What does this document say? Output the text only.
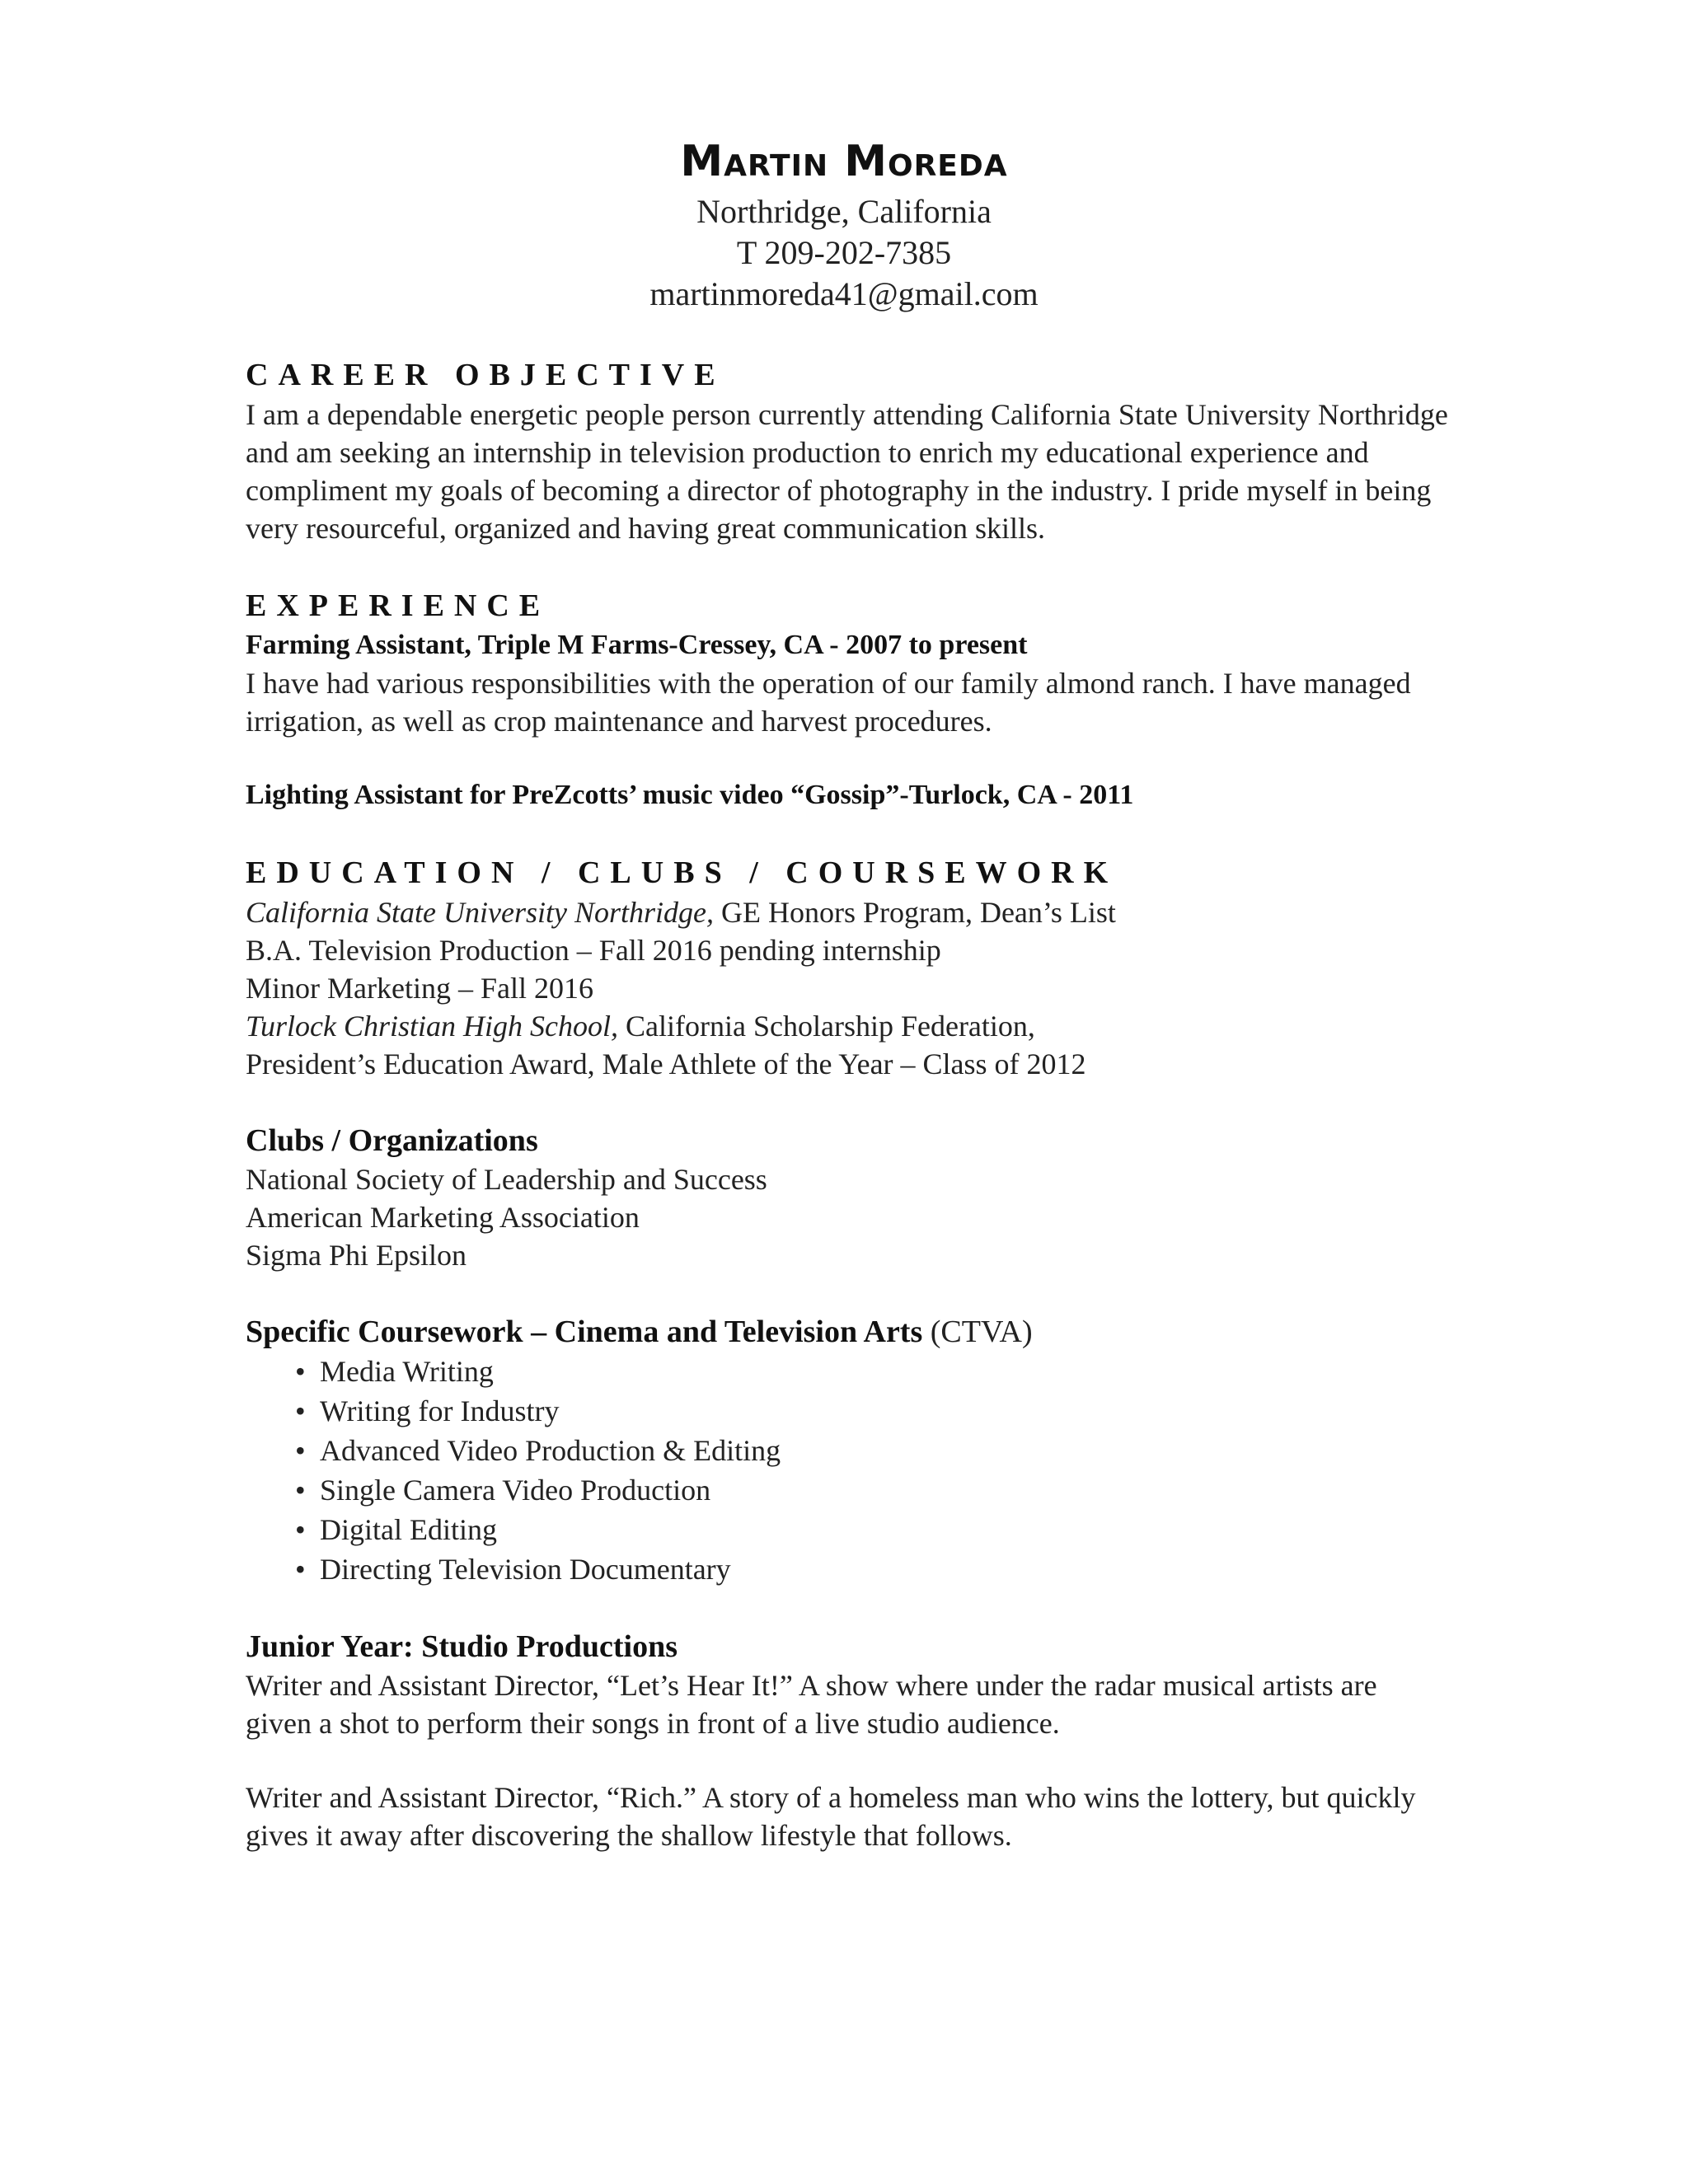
Martin Moreda
Northridge, California
T 209-202-7385
martinmoreda41@gmail.com
CAREER OBJECTIVE

I am a dependable energetic people person currently attending California State University Northridge and am seeking an internship in television production to enrich my educational experience and compliment my goals of becoming a director of photography in the industry. I pride myself in being very resourceful, organized and having great communication skills.

EXPERIENCE
Farming Assistant, Triple M Farms-Cressey, CA - 2007 to present

I have had various responsibilities with the operation of our family almond ranch. I have managed irrigation, as well as crop maintenance and harvest procedures.

Lighting Assistant for PreZcotts’ music video “Gossip”-Turlock, CA - 2011
EDUCATION / CLUBS / COURSEWORK

California State University Northridge, GE Honors Program, Dean’s List

B.A. Television Production – Fall 2016 pending internship

Minor Marketing – Fall 2016

Turlock Christian High School, California Scholarship Federation,

President’s Education Award, Male Athlete of the Year – Class of 2012

Clubs / Organizations

National Society of Leadership and Success

American Marketing Association

Sigma Phi Epsilon

Specific Coursework – Cinema and Television Arts (CTVA)
• Media Writing
• Writing for Industry
• Advanced Video Production & Editing
• Single Camera Video Production
• Digital Editing
• Directing Television Documentary
Junior Year: Studio Productions

Writer and Assistant Director, “Let’s Hear It!” A show where under the radar musical artists are given a shot to perform their songs in front of a live studio audience.

Writer and Assistant Director, “Rich.” A story of a homeless man who wins the lottery, but quickly gives it away after discovering the shallow lifestyle that follows.
